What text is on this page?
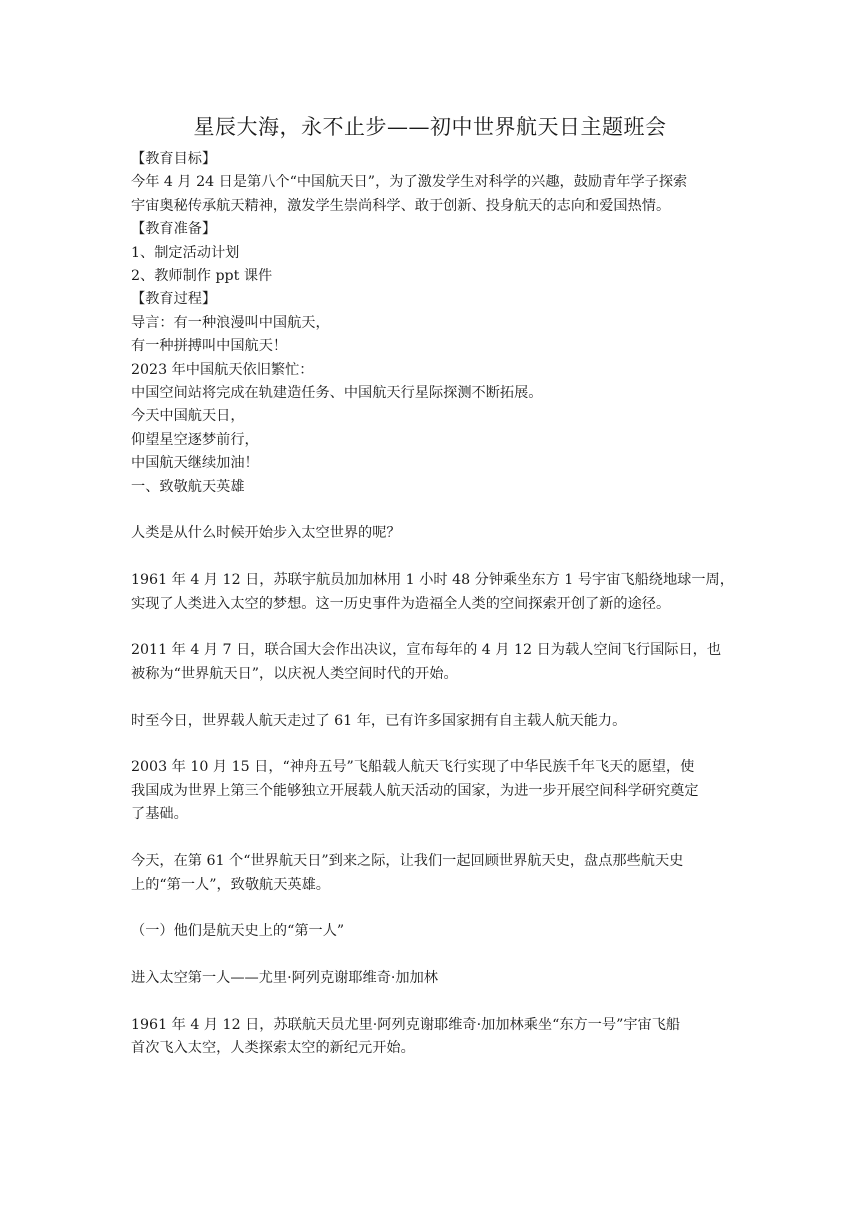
星辰大海，永不止步——初中世界航天日主题班会

【教育目标】

今年 4 月 24 日是第八个“中国航天日”，为了激发学生对科学的兴趣，鼓励青年学子探索

宇宙奥秘传承航天精神，激发学生崇尚科学、敢于创新、投身航天的志向和爱国热情。

【教育准备】

1、制定活动计划

2、教师制作 ppt 课件

【教育过程】

导言：有一种浪漫叫中国航天，

有一种拼搏叫中国航天！

2023 年中国航天依旧繁忙：

中国空间站将完成在轨建造任务、中国航天行星际探测不断拓展。

今天中国航天日，

仰望星空逐梦前行，

中国航天继续加油！

一、致敬航天英雄

人类是从什么时候开始步入太空世界的呢？

1961 年 4 月 12 日，苏联宇航员加加林用 1 小时 48 分钟乘坐东方 1 号宇宙飞船绕地球一周，

实现了人类进入太空的梦想。这一历史事件为造福全人类的空间探索开创了新的途径。

2011 年 4 月 7 日，联合国大会作出决议，宣布每年的 4 月 12 日为载人空间飞行国际日，也

被称为“世界航天日”，以庆祝人类空间时代的开始。

时至今日，世界载人航天走过了 61 年，已有许多国家拥有自主载人航天能力。

2003 年 10 月 15 日，“神舟五号”飞船载人航天飞行实现了中华民族千年飞天的愿望，使

我国成为世界上第三个能够独立开展载人航天活动的国家，为进一步开展空间科学研究奠定

了基础。

今天，在第 61 个“世界航天日”到来之际，让我们一起回顾世界航天史，盘点那些航天史

上的“第一人”，致敬航天英雄。

（一）他们是航天史上的“第一人”

进入太空第一人——尤里·阿列克谢耶维奇·加加林

1961 年 4 月 12 日，苏联航天员尤里·阿列克谢耶维奇·加加林乘坐“东方一号”宇宙飞船

首次飞入太空，人类探索太空的新纪元开始。
